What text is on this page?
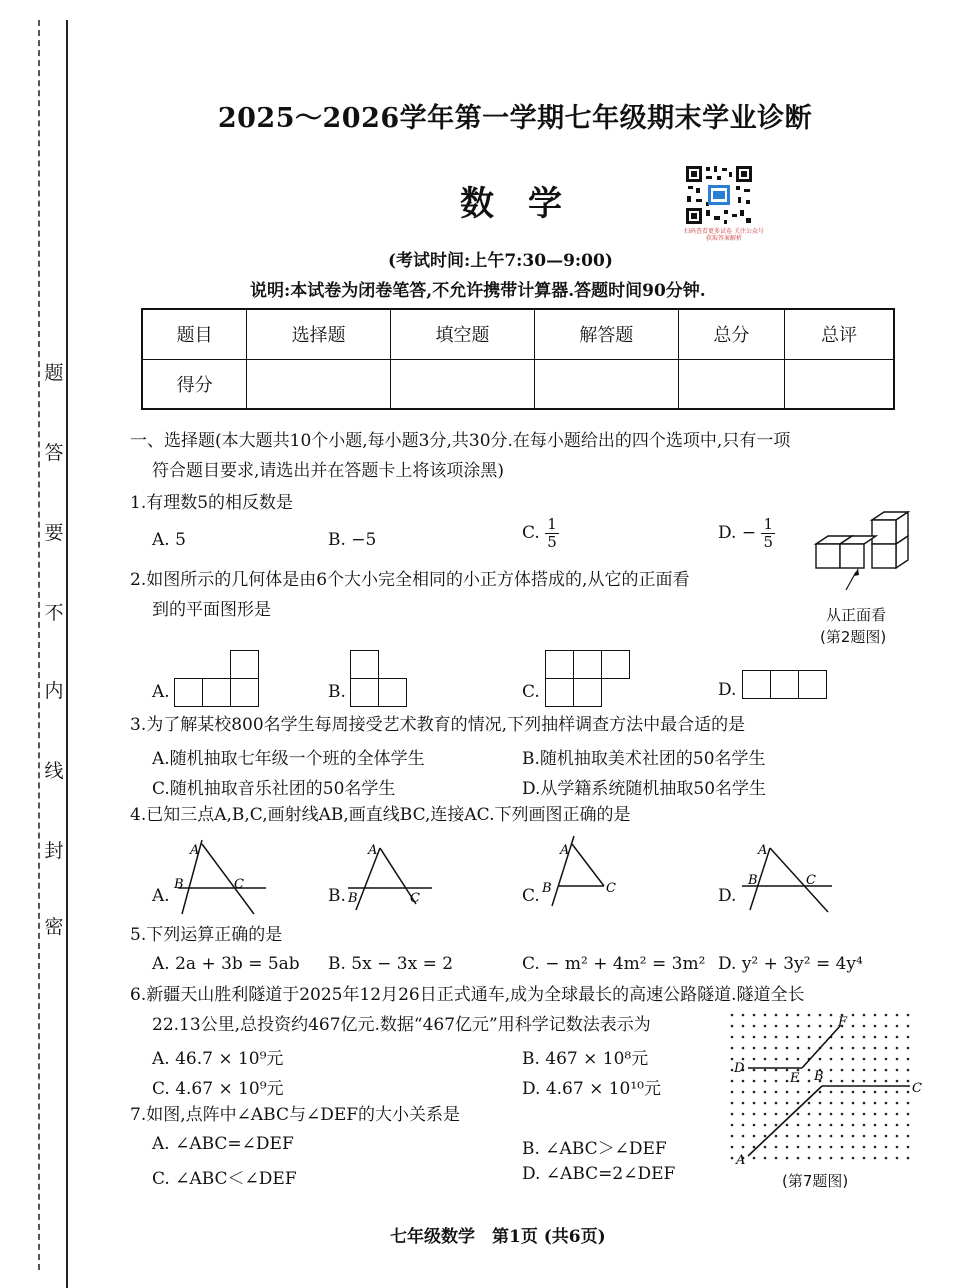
题
答
要
不
内
线
封
密
2025～2026学年第一学期七年级期末学业诊断
数学
扫码查看更多试卷 关注公众号获取答案解析
(考试时间:上午7:30—9:00)
说明:本试卷为闭卷笔答,不允许携带计算器.答题时间90分钟.
题目	选择题	填空题	解答题	总分	总评
得分					
一、选择题(本大题共10个小题,每小题3分,共30分.在每小题给出的四个选项中,只有一项
符合题目要求,请选出并在答题卡上将该项涂黑)
1.有理数5的相反数是
A. 5	B. −5	C. $\frac{1}{5}$	D. − $\frac{1}{5}$
从正面看
(第2题图)
2.如图所示的几何体是由6个大小完全相同的小正方体搭成的,从它的正面看
到的平面图形是
A.	B.	C.	D.
3.为了解某校800名学生每周接受艺术教育的情况,下列抽样调查方法中最合适的是
A.随机抽取七年级一个班的全体学生	B.随机抽取美术社团的50名学生
C.随机抽取音乐社团的50名学生	D.从学籍系统随机抽取50名学生
4.已知三点A,B,C,画射线AB,画直线BC,连接AC.下列画图正确的是
A.
A
B	C
B.
A
B	C	C.
A
B	C	D.
A
B	C
5.下列运算正确的是
A. 2a + 3b = 5ab B. 5x − 3x = 2	C. − m² + 4m² = 3m² D. y² + 3y² = 4y⁴
6.新疆天山胜利隧道于2025年12月26日正式通车,成为全球最长的高速公路隧道.隧道全长
22.13公里,总投资约467亿元.数据“467亿元”用科学记数法表示为
A. 46.7 × 10⁹元	B. 467 × 10⁸元
C. 4.67 × 10⁹元	D. 4.67 × 10¹⁰元
7.如图,点阵中∠ABC与∠DEF的大小关系是
A. ∠ABC=∠DEF	B. ∠ABC＞∠DEF
C. ∠ABC＜∠DEF	D. ∠ABC=2∠DEF
F
D
E B
C
A
(第7题图)
七年级数学　第1页 (共6页)
